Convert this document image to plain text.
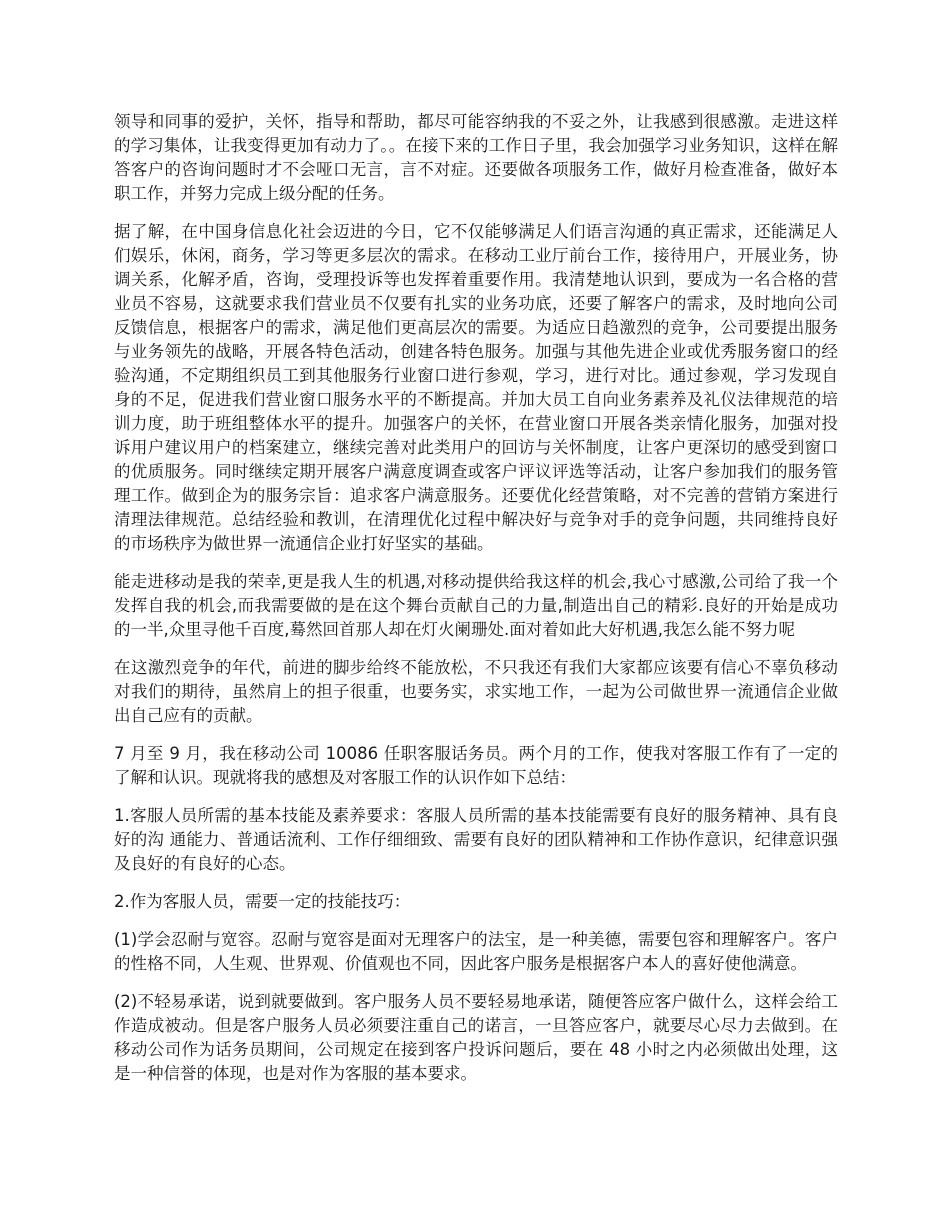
领导和同事的爱护，关怀，指导和帮助，都尽可能容纳我的不妥之外，让我感到很感激。走进这样的学习集体，让我变得更加有动力了。。在接下来的工作日子里，我会加强学习业务知识，这样在解答客户的咨询问题时才不会哑口无言，言不对症。还要做各项服务工作，做好月检查准备，做好本职工作，并努力完成上级分配的任务。

据了解，在中国身信息化社会迈进的今日，它不仅能够满足人们语言沟通的真正需求，还能满足人们娱乐，休闲，商务，学习等更多层次的需求。在移动工业厅前台工作，接待用户，开展业务，协调关系，化解矛盾，咨询，受理投诉等也发挥着重要作用。我清楚地认识到，要成为一名合格的营业员不容易，这就要求我们营业员不仅要有扎实的业务功底，还要了解客户的需求，及时地向公司反馈信息，根据客户的需求，满足他们更高层次的需要。为适应日趋激烈的竞争，公司要提出服务与业务领先的战略，开展各特色活动，创建各特色服务。加强与其他先进企业或优秀服务窗口的经验沟通，不定期组织员工到其他服务行业窗口进行参观，学习，进行对比。通过参观，学习发现自身的不足，促进我们营业窗口服务水平的不断提高。并加大员工自向业务素养及礼仪法律规范的培训力度，助于班组整体水平的提升。加强客户的关怀，在营业窗口开展各类亲情化服务，加强对投诉用户建议用户的档案建立，继续完善对此类用户的回访与关怀制度，让客户更深切的感受到窗口的优质服务。同时继续定期开展客户满意度调查或客户评议评选等活动，让客户参加我们的服务管理工作。做到企为的服务宗旨：追求客户满意服务。还要优化经营策略，对不完善的营销方案进行清理法律规范。总结经验和教训，在清理优化过程中解决好与竞争对手的竞争问题，共同维持良好的市场秩序为做世界一流通信企业打好坚实的基础。

能走进移动是我的荣幸,更是我人生的机遇,对移动提供给我这样的机会,我心寸感激,公司给了我一个发挥自我的机会,而我需要做的是在这个舞台贡献自己的力量,制造出自己的精彩.良好的开始是成功的一半,众里寻他千百度,蓦然回首那人却在灯火阑珊处.面对着如此大好机遇,我怎么能不努力呢

在这激烈竞争的年代，前进的脚步给终不能放松，不只我还有我们大家都应该要有信心不辜负移动对我们的期待，虽然肩上的担子很重，也要务实，求实地工作，一起为公司做世界一流通信企业做出自己应有的贡献。

7 月至 9 月，我在移动公司 10086 任职客服话务员。两个月的工作，使我对客服工作有了一定的了解和认识。现就将我的感想及对客服工作的认识作如下总结：

1.客服人员所需的基本技能及素养要求：客服人员所需的基本技能需要有良好的服务精神、具有良好的沟 通能力、普通话流利、工作仔细细致、需要有良好的团队精神和工作协作意识，纪律意识强及良好的有良好的心态。

2.作为客服人员，需要一定的技能技巧：

(1)学会忍耐与宽容。忍耐与宽容是面对无理客户的法宝，是一种美德，需要包容和理解客户。客户的性格不同，人生观、世界观、价值观也不同，因此客户服务是根据客户本人的喜好使他满意。

(2)不轻易承诺，说到就要做到。客户服务人员不要轻易地承诺，随便答应客户做什么，这样会给工作造成被动。但是客户服务人员必须要注重自己的诺言，一旦答应客户，就要尽心尽力去做到。在移动公司作为话务员期间，公司规定在接到客户投诉问题后，要在 48 小时之内必须做出处理，这是一种信誉的体现，也是对作为客服的基本要求。
